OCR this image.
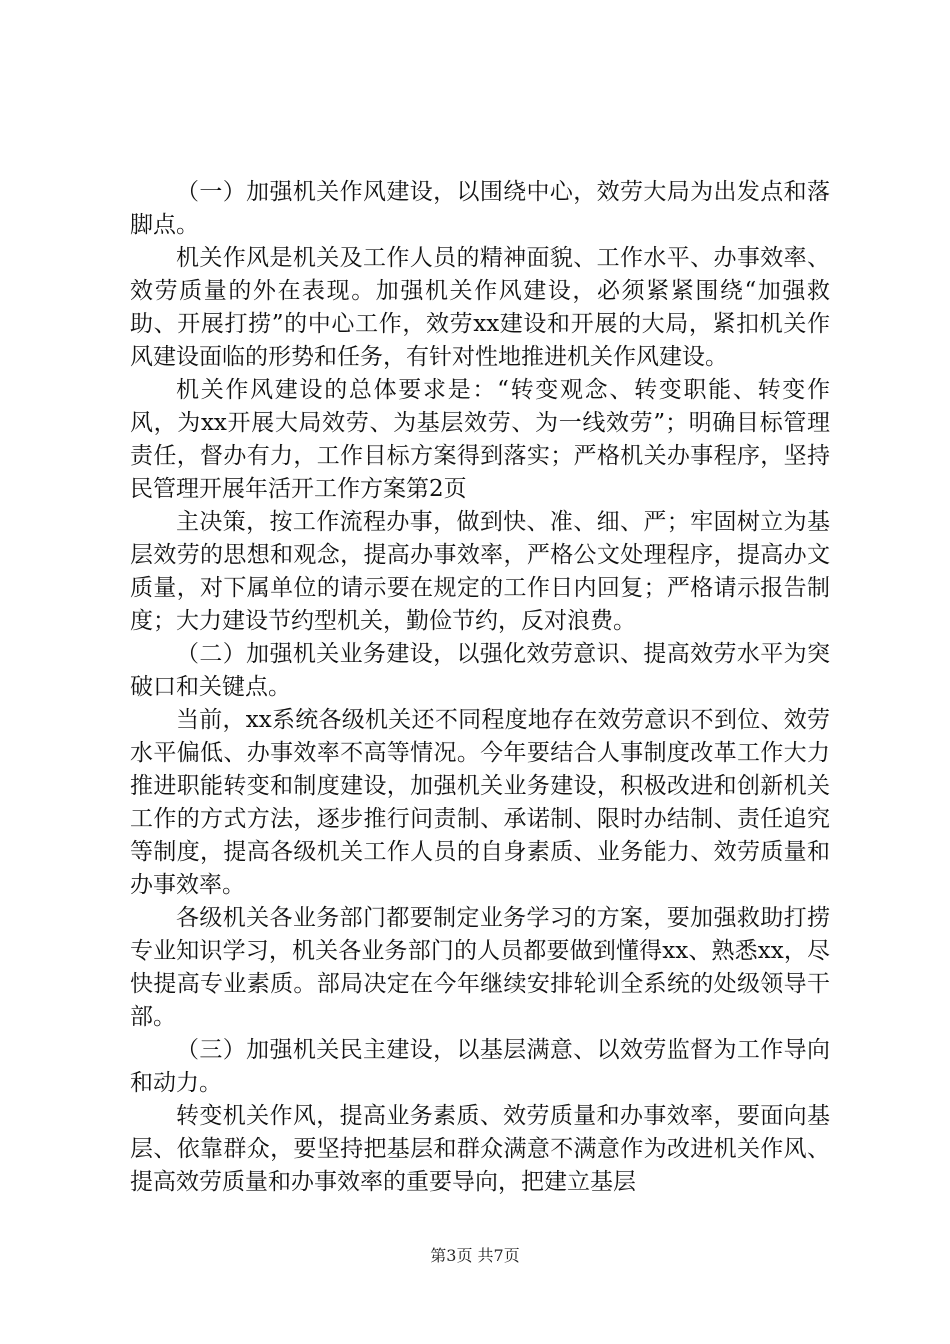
（一）加强机关作风建设，以围绕中心，效劳大局为出发点和落脚点。

机关作风是机关及工作人员的精神面貌、工作水平、办事效率、效劳质量的外在表现。加强机关作风建设，必须紧紧围绕“加强救助、开展打捞”的中心工作，效劳xx建设和开展的大局，紧扣机关作风建设面临的形势和任务，有针对性地推进机关作风建设。

机关作风建设的总体要求是：“转变观念、转变职能、转变作风，为xx开展大局效劳、为基层效劳、为一线效劳”；明确目标管理责任，督办有力，工作目标方案得到落实；严格机关办事程序，坚持民管理开展年活开工作方案第2页

主决策，按工作流程办事，做到快、准、细、严；牢固树立为基层效劳的思想和观念，提高办事效率，严格公文处理程序，提高办文质量，对下属单位的请示要在规定的工作日内回复；严格请示报告制度；大力建设节约型机关，勤俭节约，反对浪费。

（二）加强机关业务建设，以强化效劳意识、提高效劳水平为突破口和关键点。

当前，xx系统各级机关还不同程度地存在效劳意识不到位、效劳水平偏低、办事效率不高等情况。今年要结合人事制度改革工作大力推进职能转变和制度建设，加强机关业务建设，积极改进和创新机关工作的方式方法，逐步推行问责制、承诺制、限时办结制、责任追究等制度，提高各级机关工作人员的自身素质、业务能力、效劳质量和办事效率。

各级机关各业务部门都要制定业务学习的方案，要加强救助打捞专业知识学习，机关各业务部门的人员都要做到懂得xx、熟悉xx，尽快提高专业素质。部局决定在今年继续安排轮训全系统的处级领导干部。

（三）加强机关民主建设，以基层满意、以效劳监督为工作导向和动力。

转变机关作风，提高业务素质、效劳质量和办事效率，要面向基层、依靠群众，要坚持把基层和群众满意不满意作为改进机关作风、提高效劳质量和办事效率的重要导向，把建立基层

第3页 共7页
